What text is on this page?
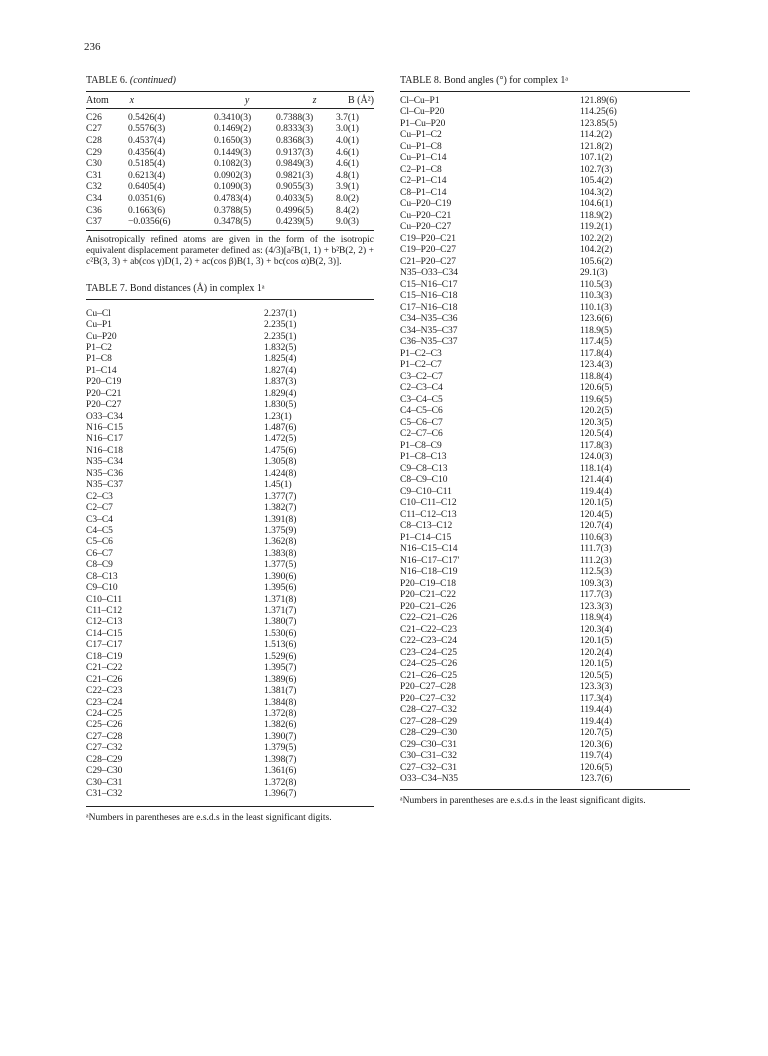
236
TABLE 6. (continued)
Atom	x	y	z	B (Å²)
C26	0.5426(4)	0.3410(3)	0.7388(3)	3.7(1)
C27	0.5576(3)	0.1469(2)	0.8333(3)	3.0(1)
C28	0.4537(4)	0.1650(3)	0.8368(3)	4.0(1)
C29	0.4356(4)	0.1449(3)	0.9137(3)	4.6(1)
C30	0.5185(4)	0.1082(3)	0.9849(3)	4.6(1)
C31	0.6213(4)	0.0902(3)	0.9821(3)	4.8(1)
C32	0.6405(4)	0.1090(3)	0.9055(3)	3.9(1)
C34	0.0351(6)	0.4783(4)	0.4033(5)	8.0(2)
C36	0.1663(6)	0.3788(5)	0.4996(5)	8.4(2)
C37	−0.0356(6)	0.3478(5)	0.4239(5)	9.0(3)
Anisotropically refined atoms are given in the form of the isotropic equivalent displacement parameter defined as: (4/3)[a²B(1, 1) + b²B(2, 2) + c²B(3, 3) + ab(cos γ)D(1, 2) + ac(cos β)B(1, 3) + bc(cos α)B(2, 3)].
TABLE 7. Bond distances (Å) in complex 1ᵃ
Cu–Cl	2.237(1)
Cu–P1	2.235(1)
Cu–P20	2.235(1)
P1–C2	1.832(5)
P1–C8	1.825(4)
P1–C14	1.827(4)
P20–C19	1.837(3)
P20–C21	1.829(4)
P20–C27	1.830(5)
O33–C34	1.23(1)
N16–C15	1.487(6)
N16–C17	1.472(5)
N16–C18	1.475(6)
N35–C34	1.305(8)
N35–C36	1.424(8)
N35–C37	1.45(1)
C2–C3	1.377(7)
C2–C7	1.382(7)
C3–C4	1.391(8)
C4–C5	1.375(9)
C5–C6	1.362(8)
C6–C7	1.383(8)
C8–C9	1.377(5)
C8–C13	1.390(6)
C9–C10	1.395(6)
C10–C11	1.371(8)
C11–C12	1.371(7)
C12–C13	1.380(7)
C14–C15	1.530(6)
C17–C17	1.513(6)
C18–C19	1.529(6)
C21–C22	1.395(7)
C21–C26	1.389(6)
C22–C23	1.381(7)
C23–C24	1.384(8)
C24–C25	1.372(8)
C25–C26	1.382(6)
C27–C28	1.390(7)
C27–C32	1.379(5)
C28–C29	1.398(7)
C29–C30	1.361(6)
C30–C31	1.372(8)
C31–C32	1.396(7)
ᵃNumbers in parentheses are e.s.d.s in the least significant digits.
TABLE 8. Bond angles (°) for complex 1ᵃ
Cl–Cu–P1	121.89(6)
Cl–Cu–P20	114.25(6)
P1–Cu–P20	123.85(5)
Cu–P1–C2	114.2(2)
Cu–P1–C8	121.8(2)
Cu–P1–C14	107.1(2)
C2–P1–C8	102.7(3)
C2–P1–C14	105.4(2)
C8–P1–C14	104.3(2)
Cu–P20–C19	104.6(1)
Cu–P20–C21	118.9(2)
Cu–P20–C27	119.2(1)
C19–P20–C21	102.2(2)
C19–P20–C27	104.2(2)
C21–P20–C27	105.6(2)
N35–O33–C34	29.1(3)
C15–N16–C17	110.5(3)
C15–N16–C18	110.3(3)
C17–N16–C18	110.1(3)
C34–N35–C36	123.6(6)
C34–N35–C37	118.9(5)
C36–N35–C37	117.4(5)
P1–C2–C3	117.8(4)
P1–C2–C7	123.4(3)
C3–C2–C7	118.8(4)
C2–C3–C4	120.6(5)
C3–C4–C5	119.6(5)
C4–C5–C6	120.2(5)
C5–C6–C7	120.3(5)
C2–C7–C6	120.5(4)
P1–C8–C9	117.8(3)
P1–C8–C13	124.0(3)
C9–C8–C13	118.1(4)
C8–C9–C10	121.4(4)
C9–C10–C11	119.4(4)
C10–C11–C12	120.1(5)
C11–C12–C13	120.4(5)
C8–C13–C12	120.7(4)
P1–C14–C15	110.6(3)
N16–C15–C14	111.7(3)
N16–C17–C17′	111.2(3)
N16–C18–C19	112.5(3)
P20–C19–C18	109.3(3)
P20–C21–C22	117.7(3)
P20–C21–C26	123.3(3)
C22–C21–C26	118.9(4)
C21–C22–C23	120.3(4)
C22–C23–C24	120.1(5)
C23–C24–C25	120.2(4)
C24–C25–C26	120.1(5)
C21–C26–C25	120.5(5)
P20–C27–C28	123.3(3)
P20–C27–C32	117.3(4)
C28–C27–C32	119.4(4)
C27–C28–C29	119.4(4)
C28–C29–C30	120.7(5)
C29–C30–C31	120.3(6)
C30–C31–C32	119.7(4)
C27–C32–C31	120.6(5)
O33–C34–N35	123.7(6)
ᵃNumbers in parentheses are e.s.d.s in the least significant digits.
